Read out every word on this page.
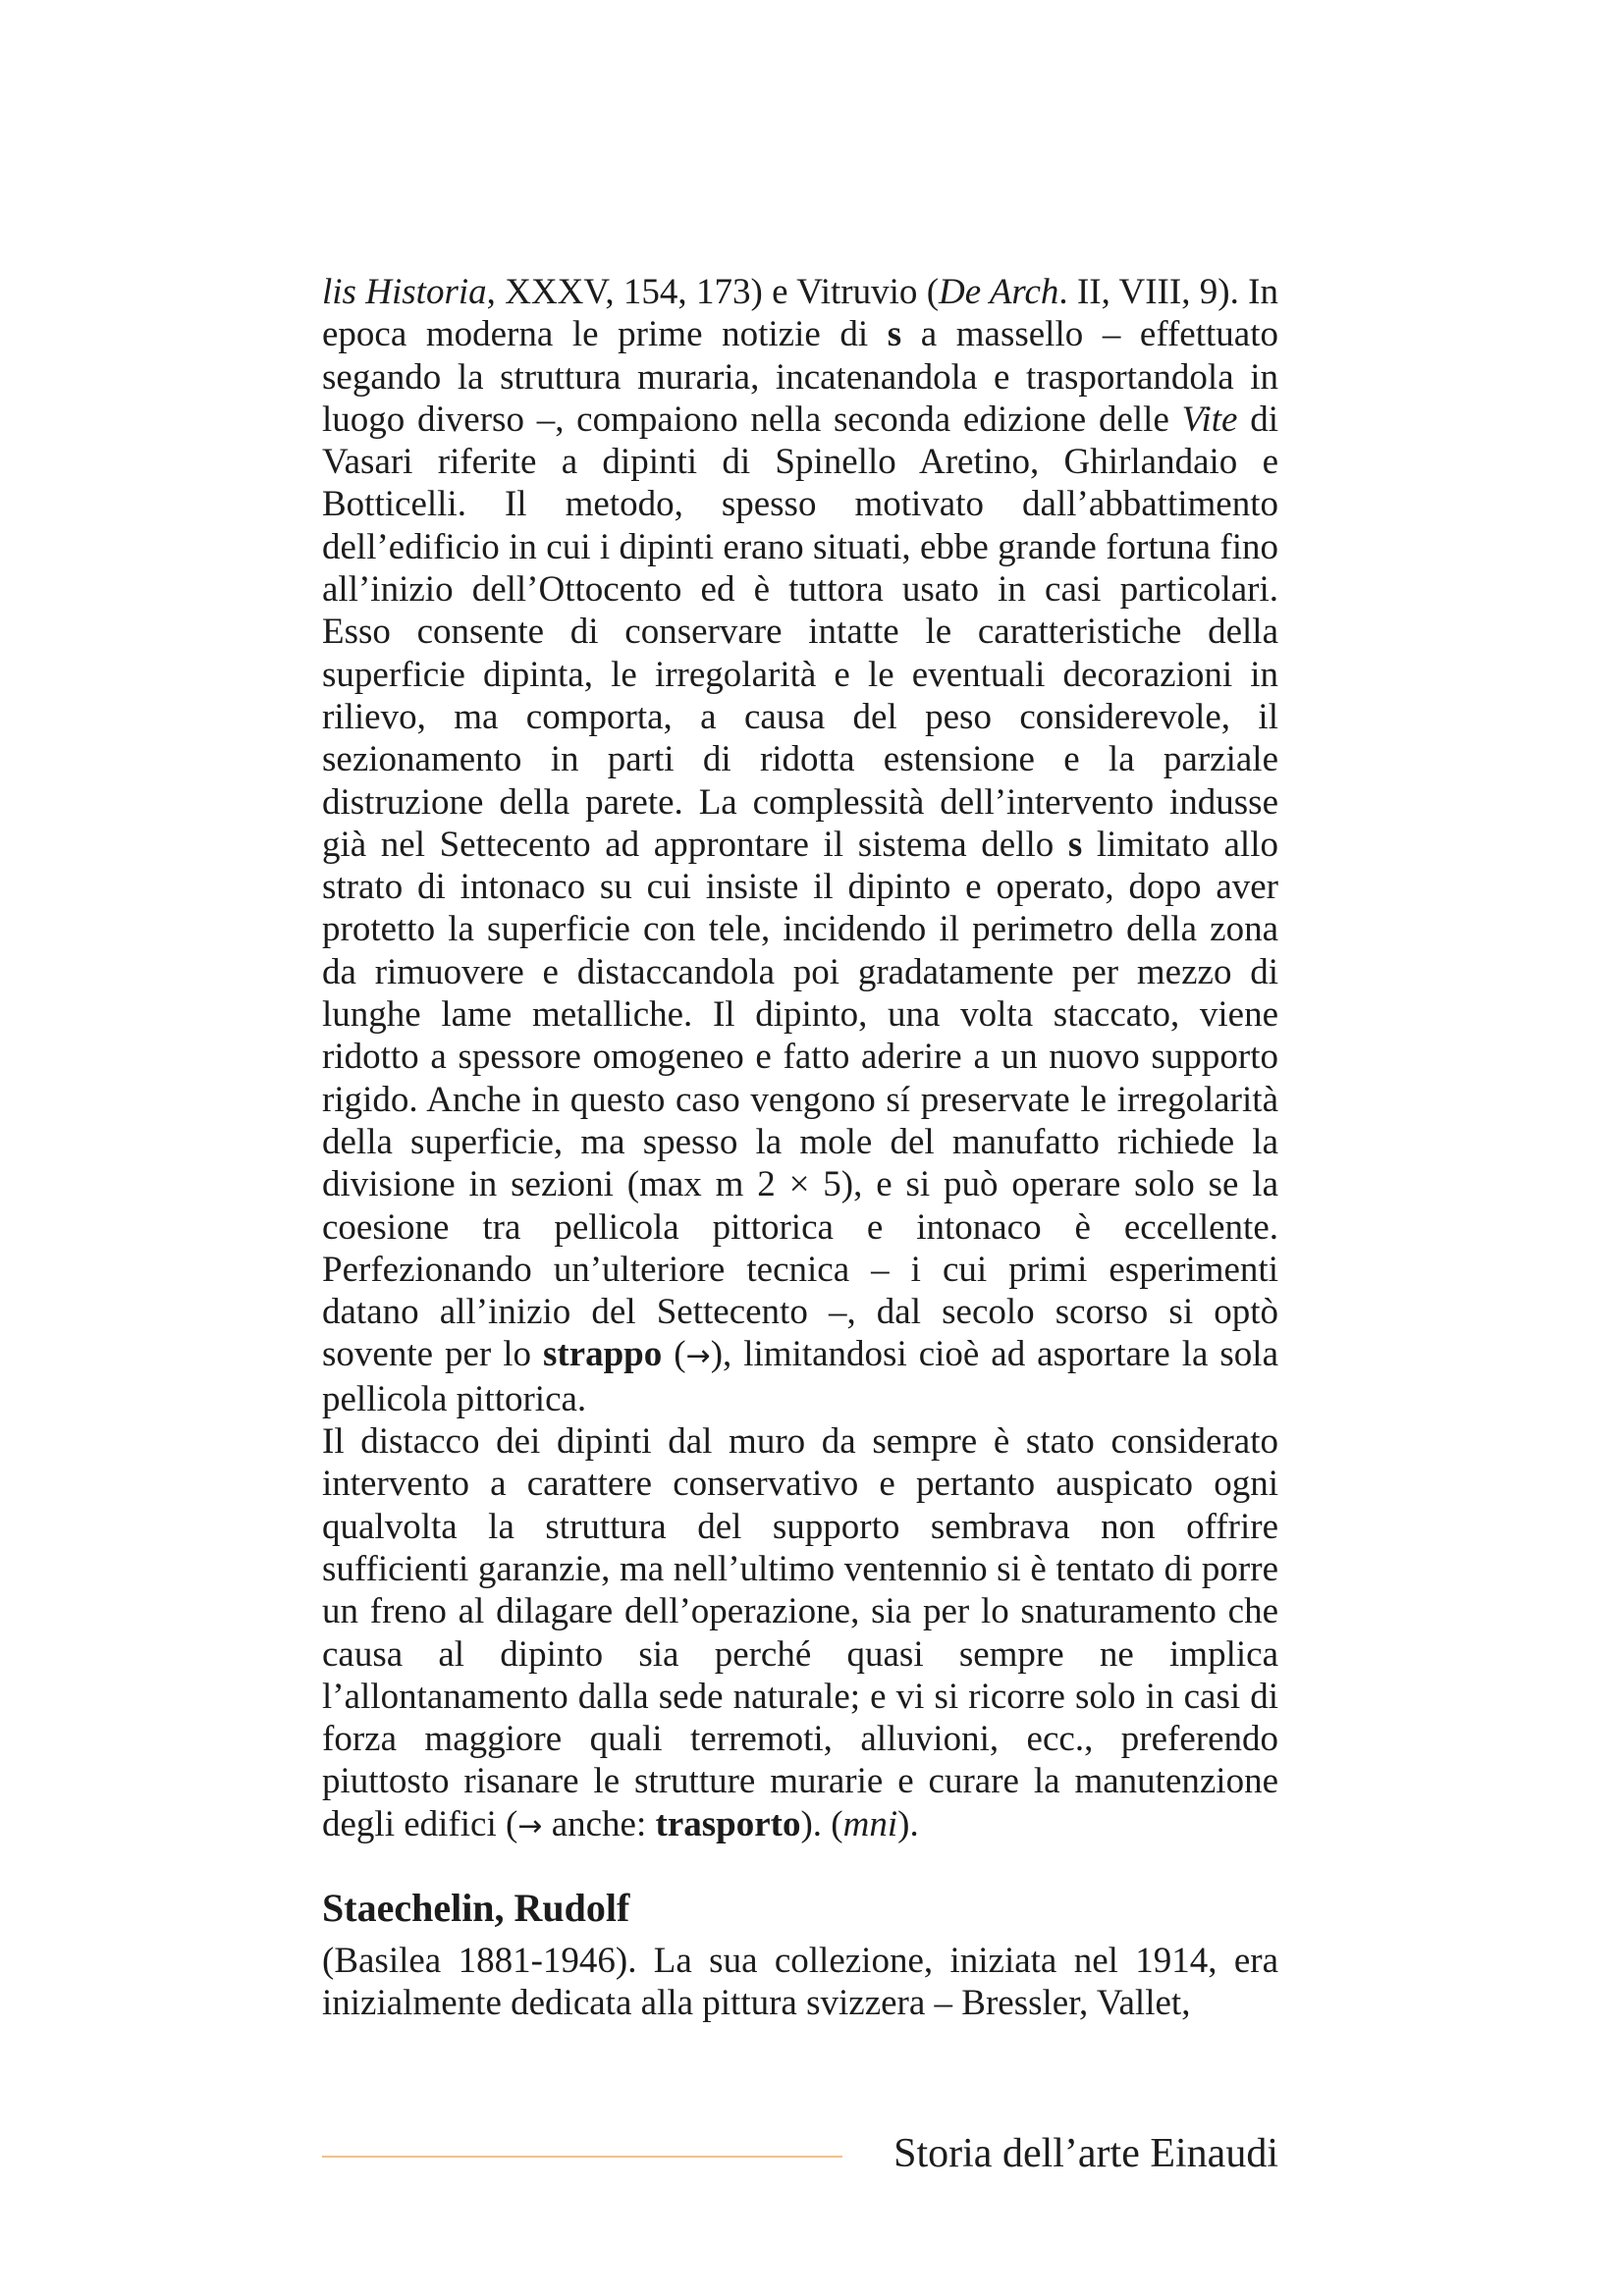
lis Historia, XXXV, 154, 173) e Vitruvio (De Arch. II, VIII, 9). In epoca moderna le prime notizie di s a massello – effettuato segando la struttura muraria, incatenandola e trasportandola in luogo diverso –, compaiono nella seconda edizione delle Vite di Vasari riferite a dipinti di Spinello Aretino, Ghirlandaio e Botticelli. Il metodo, spesso motivato dall’abbattimento dell’edificio in cui i dipinti erano situati, ebbe grande fortuna fino all’inizio dell’Ottocento ed è tuttora usato in casi particolari. Esso consente di conservare intatte le caratteristiche della superficie dipinta, le irregolarità e le eventuali decorazioni in rilievo, ma comporta, a causa del peso considerevole, il sezionamento in parti di ridotta estensione e la parziale distruzione della parete. La complessità dell’intervento indusse già nel Settecento ad approntare il sistema dello s limitato allo strato di intonaco su cui insiste il dipinto e operato, dopo aver protetto la superficie con tele, incidendo il perimetro della zona da rimuovere e distaccandola poi gradatamente per mezzo di lunghe lame metalliche. Il dipinto, una volta staccato, viene ridotto a spessore omogeneo e fatto aderire a un nuovo supporto rigido. Anche in questo caso vengono sí preservate le irregolarità della superficie, ma spesso la mole del manufatto richiede la divisione in sezioni (max m 2 × 5), e si può operare solo se la coesione tra pellicola pittorica e intonaco è eccellente. Perfezionando un’ulteriore tecnica – i cui primi esperimenti datano all’inizio del Settecento –, dal secolo scorso si optò sovente per lo strappo (→), limitandosi cioè ad asportare la sola pellicola pittorica.

Il distacco dei dipinti dal muro da sempre è stato considerato intervento a carattere conservativo e pertanto auspicato ogni qualvolta la struttura del supporto sembrava non offrire sufficienti garanzie, ma nell’ultimo ventennio si è tentato di porre un freno al dilagare dell’operazione, sia per lo snaturamento che causa al dipinto sia perché quasi sempre ne implica l’allontanamento dalla sede naturale; e vi si ricorre solo in casi di forza maggiore quali terremoti, alluvioni, ecc., preferendo piuttosto risanare le strutture murarie e curare la manutenzione degli edifici (→ anche: trasporto). (mni).

Staechelin, Rudolf

(Basilea 1881-1946). La sua collezione, iniziata nel 1914, era inizialmente dedicata alla pittura svizzera – Bressler, Vallet,

Storia dell’arte Einaudi
